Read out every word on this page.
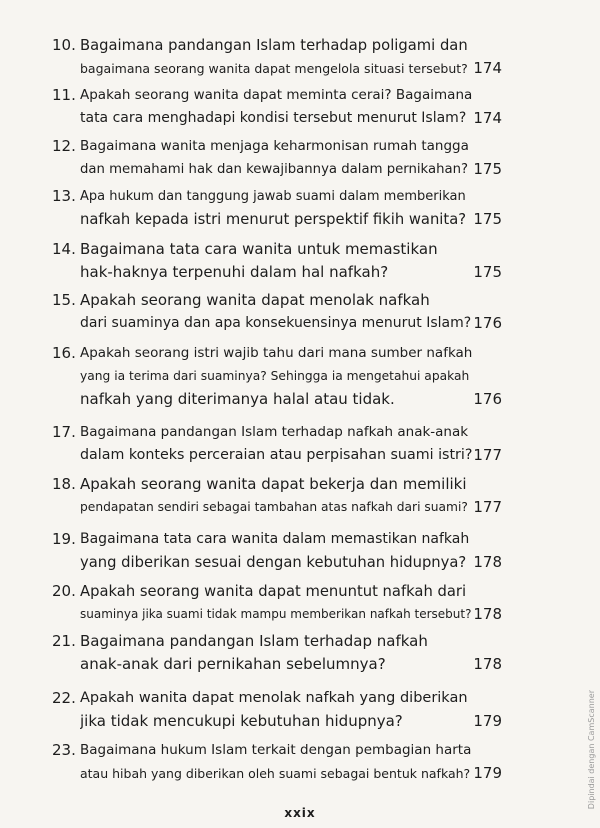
10. Bagaimana pandangan Islam terhadap poligami dan
bagaimana seorang wanita dapat mengelola situasi tersebut? 174
11. Apakah seorang wanita dapat meminta cerai? Bagaimana
tata cara menghadapi kondisi tersebut menurut Islam? 174
12. Bagaimana wanita menjaga keharmonisan rumah tangga
dan memahami hak dan kewajibannya dalam pernikahan? 175
13. Apa hukum dan tanggung jawab suami dalam memberikan
nafkah kepada istri menurut perspektif fikih wanita? 175
14. Bagaimana tata cara wanita untuk memastikan
hak-haknya terpenuhi dalam hal nafkah?	175
15. Apakah seorang wanita dapat menolak nafkah
dari suaminya dan apa konsekuensinya menurut Islam? 176
16. Apakah seorang istri wajib tahu dari mana sumber nafkah
yang ia terima dari suaminya? Sehingga ia mengetahui apakah
nafkah yang diterimanya halal atau tidak.	176
17. Bagaimana pandangan Islam terhadap nafkah anak-anak
dalam konteks perceraian atau perpisahan suami istri? 177
18. Apakah seorang wanita dapat bekerja dan memiliki
pendapatan sendiri sebagai tambahan atas nafkah dari suami? 177
19. Bagaimana tata cara wanita dalam memastikan nafkah
yang diberikan sesuai dengan kebutuhan hidupnya? 178
20. Apakah seorang wanita dapat menuntut nafkah dari
suaminya jika suami tidak mampu memberikan nafkah tersebut? 178
21. Bagaimana pandangan Islam terhadap nafkah
anak-anak dari pernikahan sebelumnya?	178
22. Apakah wanita dapat menolak nafkah yang diberikan
jika tidak mencukupi kebutuhan hidupnya?	179
23. Bagaimana hukum Islam terkait dengan pembagian harta
atau hibah yang diberikan oleh suami sebagai bentuk nafkah? 179
xxix
Dipindai dengan CamScanner
